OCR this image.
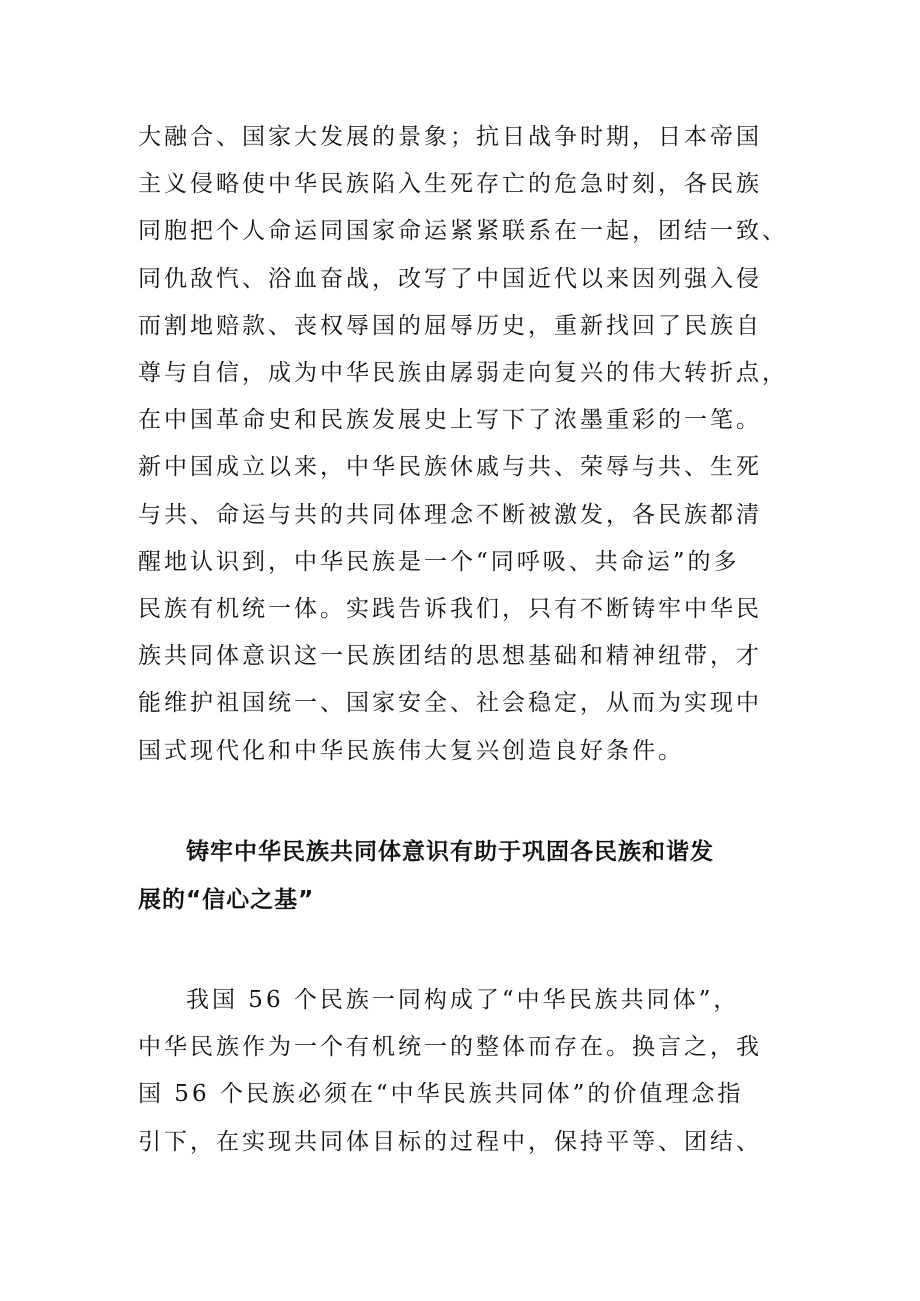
大融合、国家大发展的景象；抗日战争时期，日本帝国
主义侵略使中华民族陷入生死存亡的危急时刻，各民族
同胞把个人命运同国家命运紧紧联系在一起，团结一致、
同仇敌忾、浴血奋战，改写了中国近代以来因列强入侵
而割地赔款、丧权辱国的屈辱历史，重新找回了民族自
尊与自信，成为中华民族由孱弱走向复兴的伟大转折点，
在中国革命史和民族发展史上写下了浓墨重彩的一笔。
新中国成立以来，中华民族休戚与共、荣辱与共、生死
与共、命运与共的共同体理念不断被激发，各民族都清
醒地认识到，中华民族是一个“同呼吸、共命运”的多
民族有机统一体。实践告诉我们，只有不断铸牢中华民
族共同体意识这一民族团结的思想基础和精神纽带，才
能维护祖国统一、国家安全、社会稳定，从而为实现中
国式现代化和中华民族伟大复兴创造良好条件。
铸牢中华民族共同体意识有助于巩固各民族和谐发
展的“信心之基”
我国 56 个民族一同构成了“中华民族共同体”，
中华民族作为一个有机统一的整体而存在。换言之，我
国 56 个民族必须在“中华民族共同体”的价值理念指
引下，在实现共同体目标的过程中，保持平等、团结、
